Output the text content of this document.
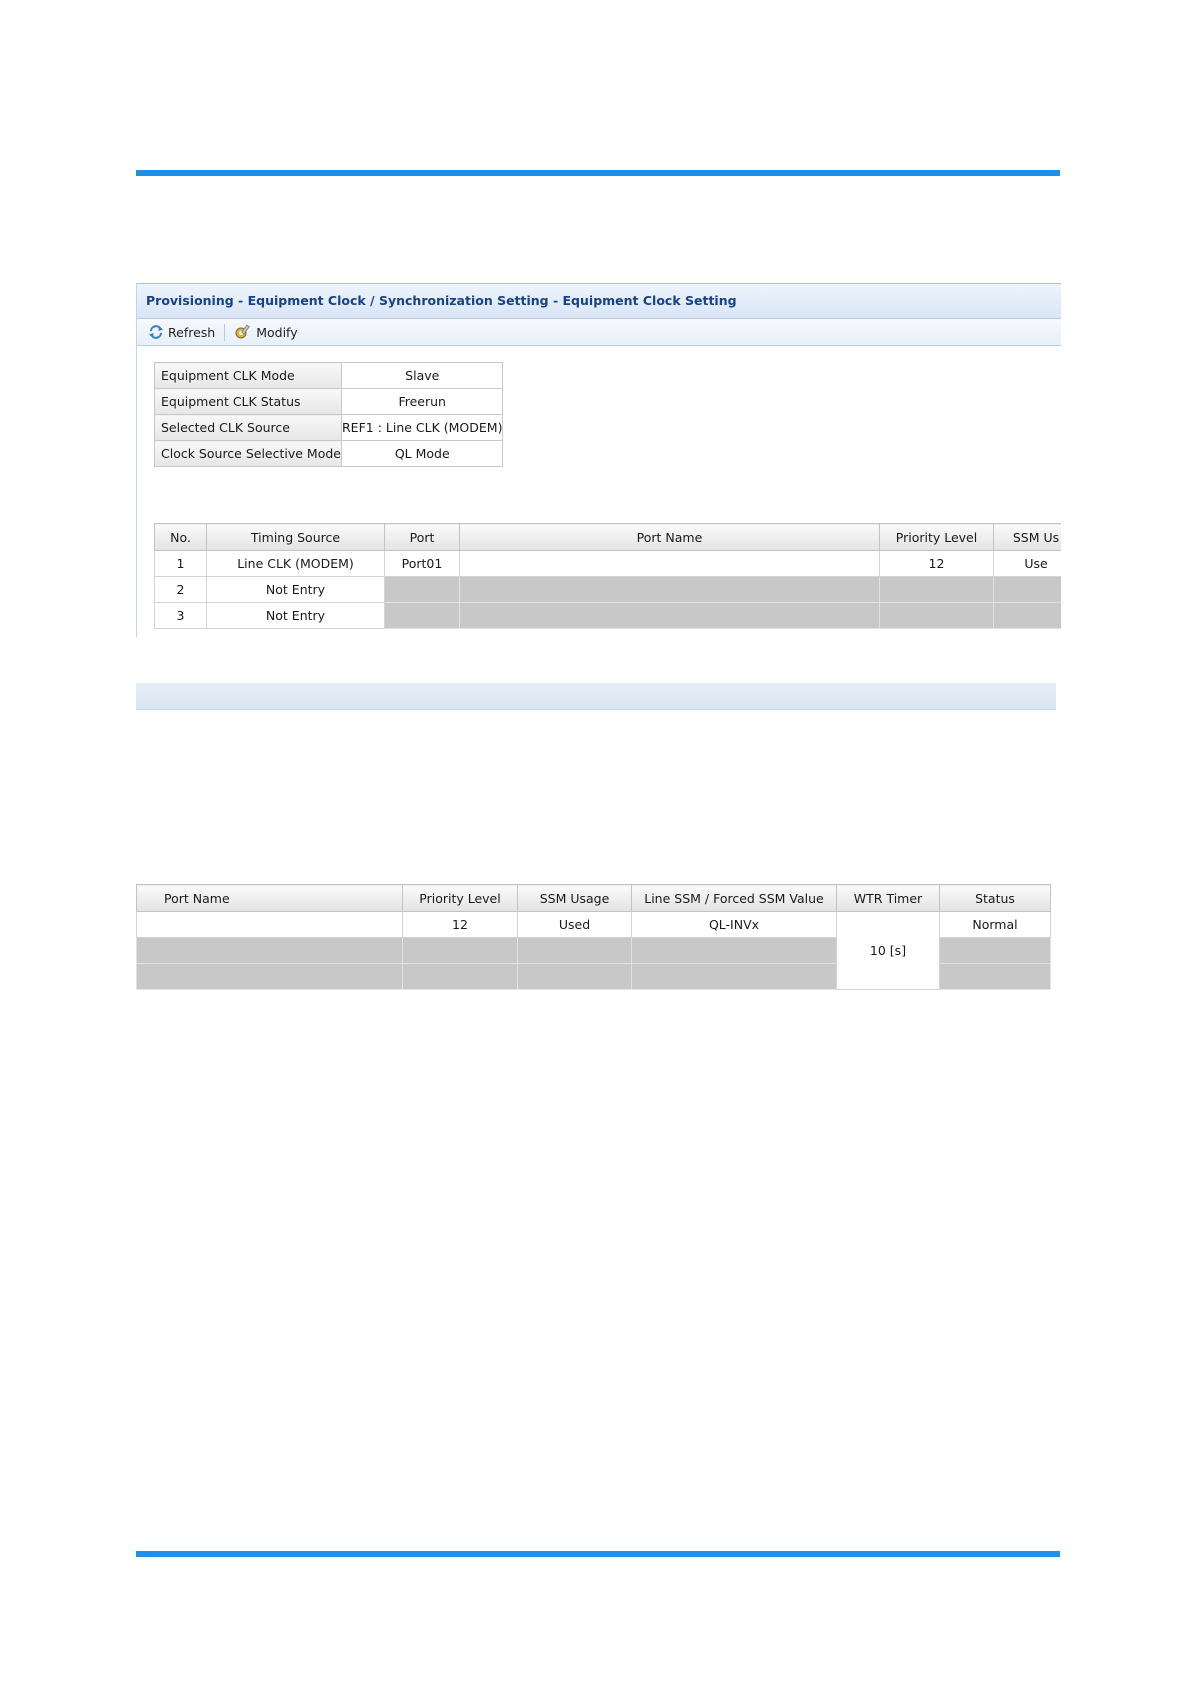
Provisioning - Equipment Clock / Synchronization Setting - Equipment Clock Setting
Refresh	Modify
Equipment CLK Mode	Slave
Equipment CLK Status	Freerun
Selected CLK Source	REF1 : Line CLK (MODEM)
Clock Source Selective Mode	QL Mode
No.	Timing Source	Port	Port Name	Priority Level	SSM Us
1	Line CLK (MODEM)	Port01		12	Use
2	Not Entry				
3	Not Entry				
Port Name	Priority Level	SSM Usage	Line SSM / Forced SSM Value	WTR Timer	Status
	12	Used	QL-INVx	10 [s]	Normal
